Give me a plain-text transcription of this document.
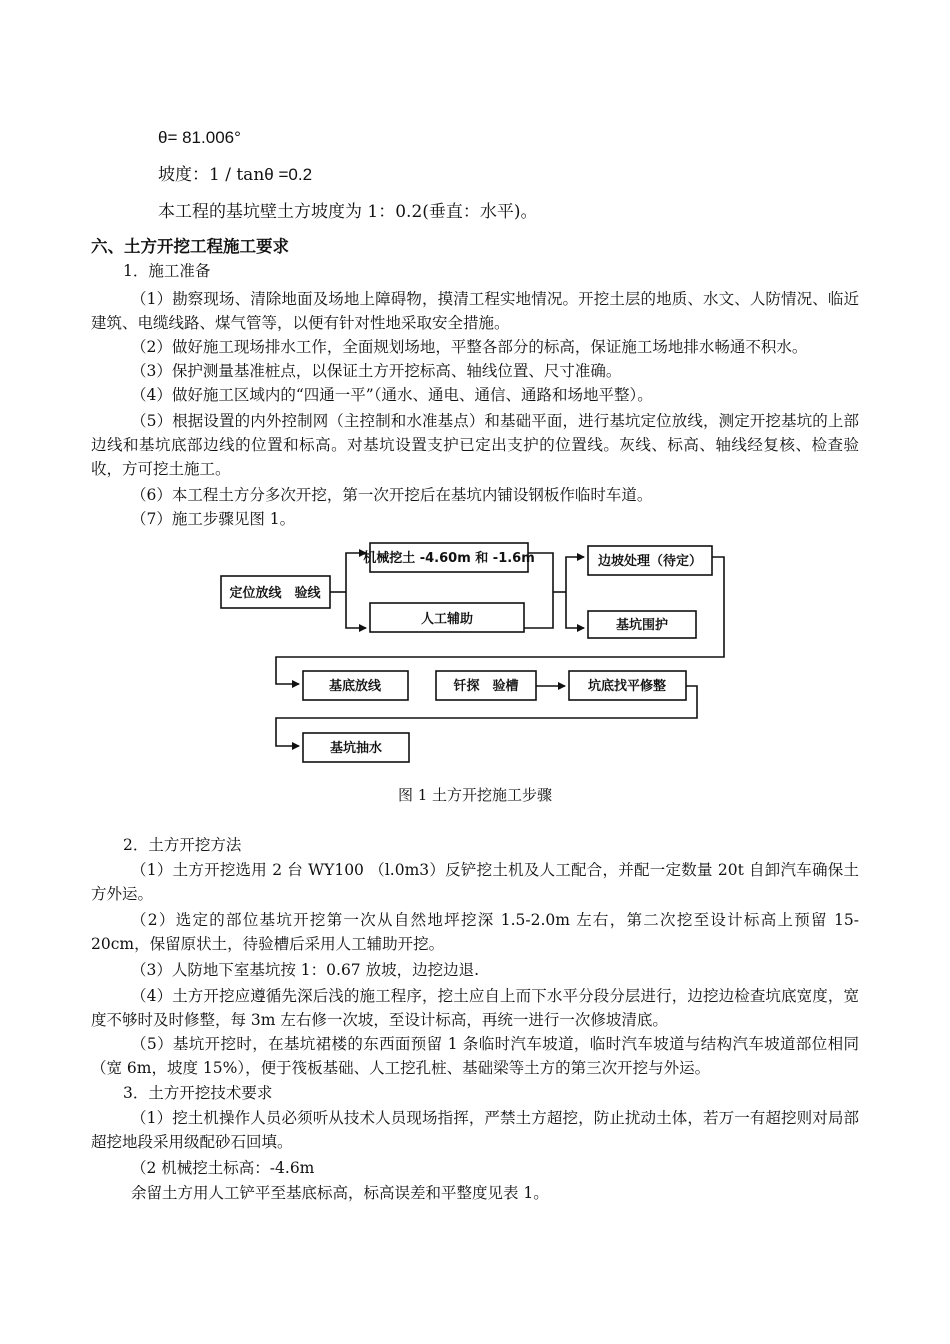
θ= 81.006°
坡度：1 / tanθ =0.2
本工程的基坑壁土方坡度为 1：0.2(垂直：水平)。
六、土方开挖工程施工要求
1．施工准备
（1）勘察现场、清除地面及场地上障碍物，摸清工程实地情况。开挖土层的地质、水文、人防情况、临近建筑、电缆线路、煤气管等，以便有针对性地采取安全措施。
（2）做好施工现场排水工作，全面规划场地，平整各部分的标高，保证施工场地排水畅通不积水。
（3）保护测量基准桩点，以保证土方开挖标高、轴线位置、尺寸准确。
（4）做好施工区域内的“四通一平”（通水、通电、通信、通路和场地平整）。
（5）根据设置的内外控制网（主控制和水准基点）和基础平面，进行基坑定位放线，测定开挖基坑的上部边线和基坑底部边线的位置和标高。对基坑设置支护已定出支护的位置线。灰线、标高、轴线经复核、检查验收，方可挖土施工。
（6）本工程土方分多次开挖，第一次开挖后在基坑内铺设钢板作临时车道。
（7）施工步骤见图 1。
定位放线　验线
机械挖土 -4.60m 和 -1.6m
人工辅助
边坡处理（待定）
基坑围护
基底放线	钎探　验槽	坑底找平修整
基坑抽水
图 1 土方开挖施工步骤
2．土方开挖方法
（1）土方开挖选用 2 台 WY100 （l.0m3）反铲挖土机及人工配合，并配一定数量 20t 自卸汽车确保土方外运。
（2）选定的部位基坑开挖第一次从自然地坪挖深 1.5-2.0m 左右，第二次挖至设计标高上预留 15-20cm，保留原状土，待验槽后采用人工辅助开挖。
（3）人防地下室基坑按 1：0.67 放坡，边挖边退.
（4）土方开挖应遵循先深后浅的施工程序，挖土应自上而下水平分段分层进行，边挖边检查坑底宽度，宽度不够时及时修整，每 3m 左右修一次坡，至设计标高，再统一进行一次修坡清底。
（5）基坑开挖时，在基坑裙楼的东西面预留 1 条临时汽车坡道，临时汽车坡道与结构汽车坡道部位相同（宽 6m，坡度 15%），便于筏板基础、人工挖孔桩、基础梁等土方的第三次开挖与外运。
3．土方开挖技术要求
（1）挖土机操作人员必须听从技术人员现场指挥，严禁土方超挖，防止扰动土体，若万一有超挖则对局部超挖地段采用级配砂石回填。
（2 机械挖土标高：-4.6m
余留土方用人工铲平至基底标高，标高误差和平整度见表 1。
